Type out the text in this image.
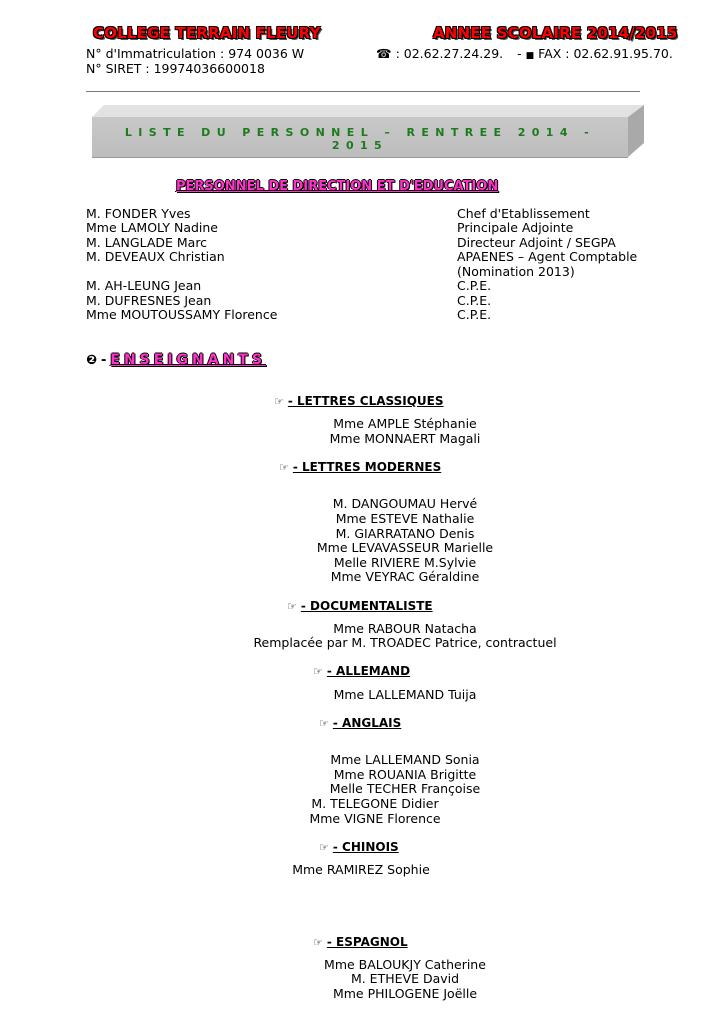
COLLEGE TERRAIN FLEURY	ANNEE SCOLAIRE 2014/2015
N° d'Immatriculation : 974 0036 W
N° SIRET : 19974036600018
☎ : 02.62.27.24.29. - ■ FAX : 02.62.91.95.70.
LISTE DU PERSONNEL – RENTREE 2014 - 2015
PERSONNEL DE DIRECTION ET D'EDUCATION
M. FONDER Yves	Chef d'Etablissement
Mme LAMOLY Nadine	Principale Adjointe
M. LANGLADE Marc	Directeur Adjoint / SEGPA
M. DEVEAUX Christian	APAENES – Agent Comptable
(Nomination 2013)
M. AH-LEUNG Jean	C.P.E.
M. DUFRESNES Jean	C.P.E.
Mme MOUTOUSSAMY Florence	C.P.E.
❷ - ENSEIGNANTS
☞ - LETTRES CLASSIQUES
Mme AMPLE Stéphanie
Mme MONNAERT Magali
☞ - LETTRES MODERNES
M. DANGOUMAU Hervé
Mme ESTEVE Nathalie
M. GIARRATANO Denis
Mme LEVAVASSEUR Marielle
Melle RIVIERE M.Sylvie
Mme VEYRAC Géraldine
☞ - DOCUMENTALISTE
Mme RABOUR Natacha
Remplacée par M. TROADEC Patrice, contractuel
☞ - ALLEMAND
Mme LALLEMAND Tuija
☞ - ANGLAIS
Mme LALLEMAND Sonia
Mme ROUANIA Brigitte
Melle TECHER Françoise
M. TELEGONE Didier
Mme VIGNE Florence
☞ - CHINOIS
Mme RAMIREZ Sophie
☞ - ESPAGNOL
Mme BALOUKJY Catherine
M. ETHEVE David
Mme PHILOGENE Joëlle
